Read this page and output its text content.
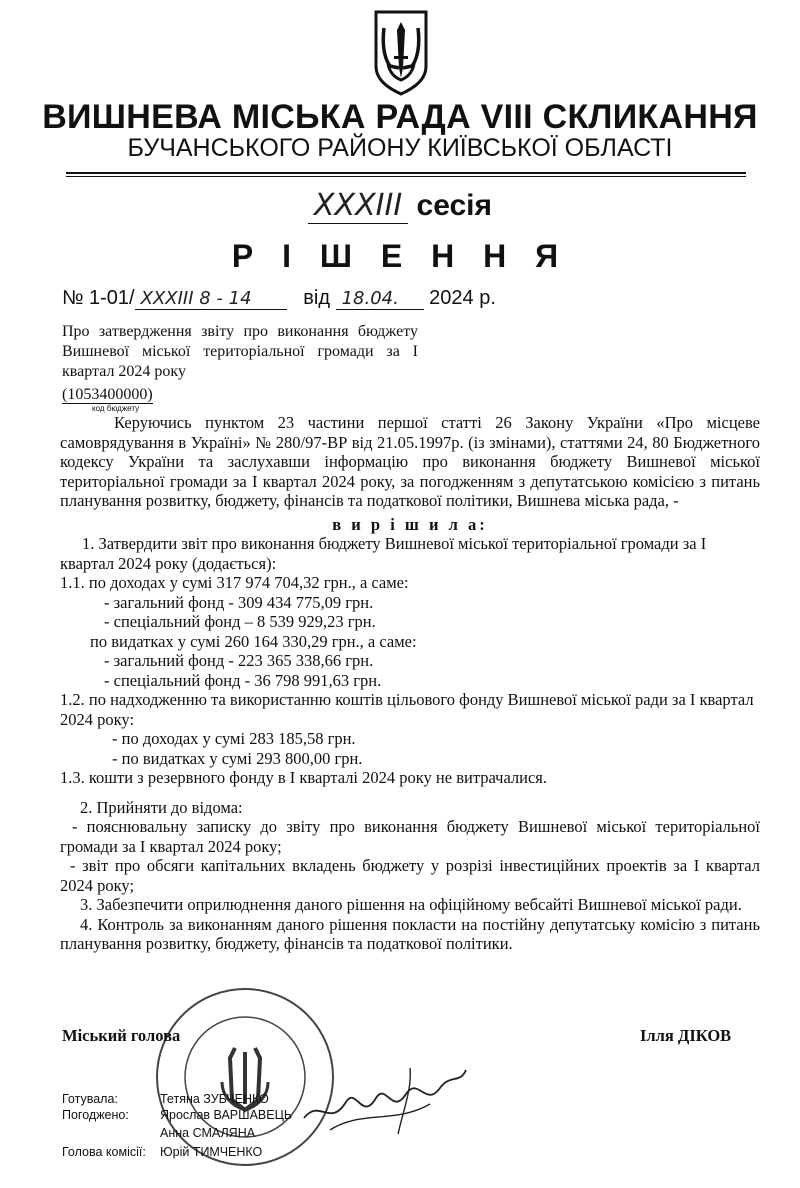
ВИШНЕВА МІСЬКА РАДА VIII СКЛИКАННЯ
БУЧАНСЬКОГО РАЙОНУ КИЇВСЬКОЇ ОБЛАСТІ
XXXIII сесія
Р І Ш Е Н Н Я
№ 1-01/ XXXIII 8 - 14	від 18.04. 2024 р.
Про затвердження звіту про виконання бюджету Вишневої міської територіальної громади за І квартал 2024 року
(1053400000)
код бюджету
Керуючись пунктом 23 частини першої статті 26 Закону України «Про місцеве самоврядування в Україні» № 280/97-ВР від 21.05.1997р. (із змінами), статтями 24, 80 Бюджетного кодексу України та заслухавши інформацію про виконання бюджету Вишневої міської територіальної громади за І квартал 2024 року, за погодженням з депутатською комісією з питань планування розвитку, бюджету, фінансів та податкової політики, Вишнева міська рада, -
в и р і ш и л а:
1. Затвердити звіт про виконання бюджету Вишневої міської територіальної громади за І квартал 2024 року (додається):
1.1. по доходах у сумі 317 974 704,32 грн., а саме:
- загальний фонд - 309 434 775,09 грн.
- спеціальний фонд – 8 539 929,23 грн.
по видатках у сумі 260 164 330,29 грн., а саме:
- загальний фонд - 223 365 338,66 грн.
- спеціальний фонд - 36 798 991,63 грн.
1.2. по надходженню та використанню коштів цільового фонду Вишневої міської ради за І квартал 2024 року:
- по доходах у сумі 283 185,58 грн.
- по видатках у сумі 293 800,00 грн.
1.3. кошти з резервного фонду в І кварталі 2024 року не витрачалися.
2. Прийняти до відома:
- пояснювальну записку до звіту про виконання бюджету Вишневої міської територіальної громади за І квартал 2024 року;
- звіт про обсяги капітальних вкладень бюджету у розрізі інвестиційних проектів за І квартал 2024 року;
3. Забезпечити оприлюднення даного рішення на офіційному вебсайті Вишневої міської ради.
4. Контроль за виконанням даного рішення покласти на постійну депутатську комісію з питань планування розвитку, бюджету, фінансів та податкової політики.
Міський голова	Ілля ДІКОВ
Готувала:	Тетяна ЗУБЧЕНКО
Погоджено: Ярослав ВАРШАВЕЦЬ
Анна СМАЛЯНА
Голова комісії: Юрій ТИМЧЕНКО
